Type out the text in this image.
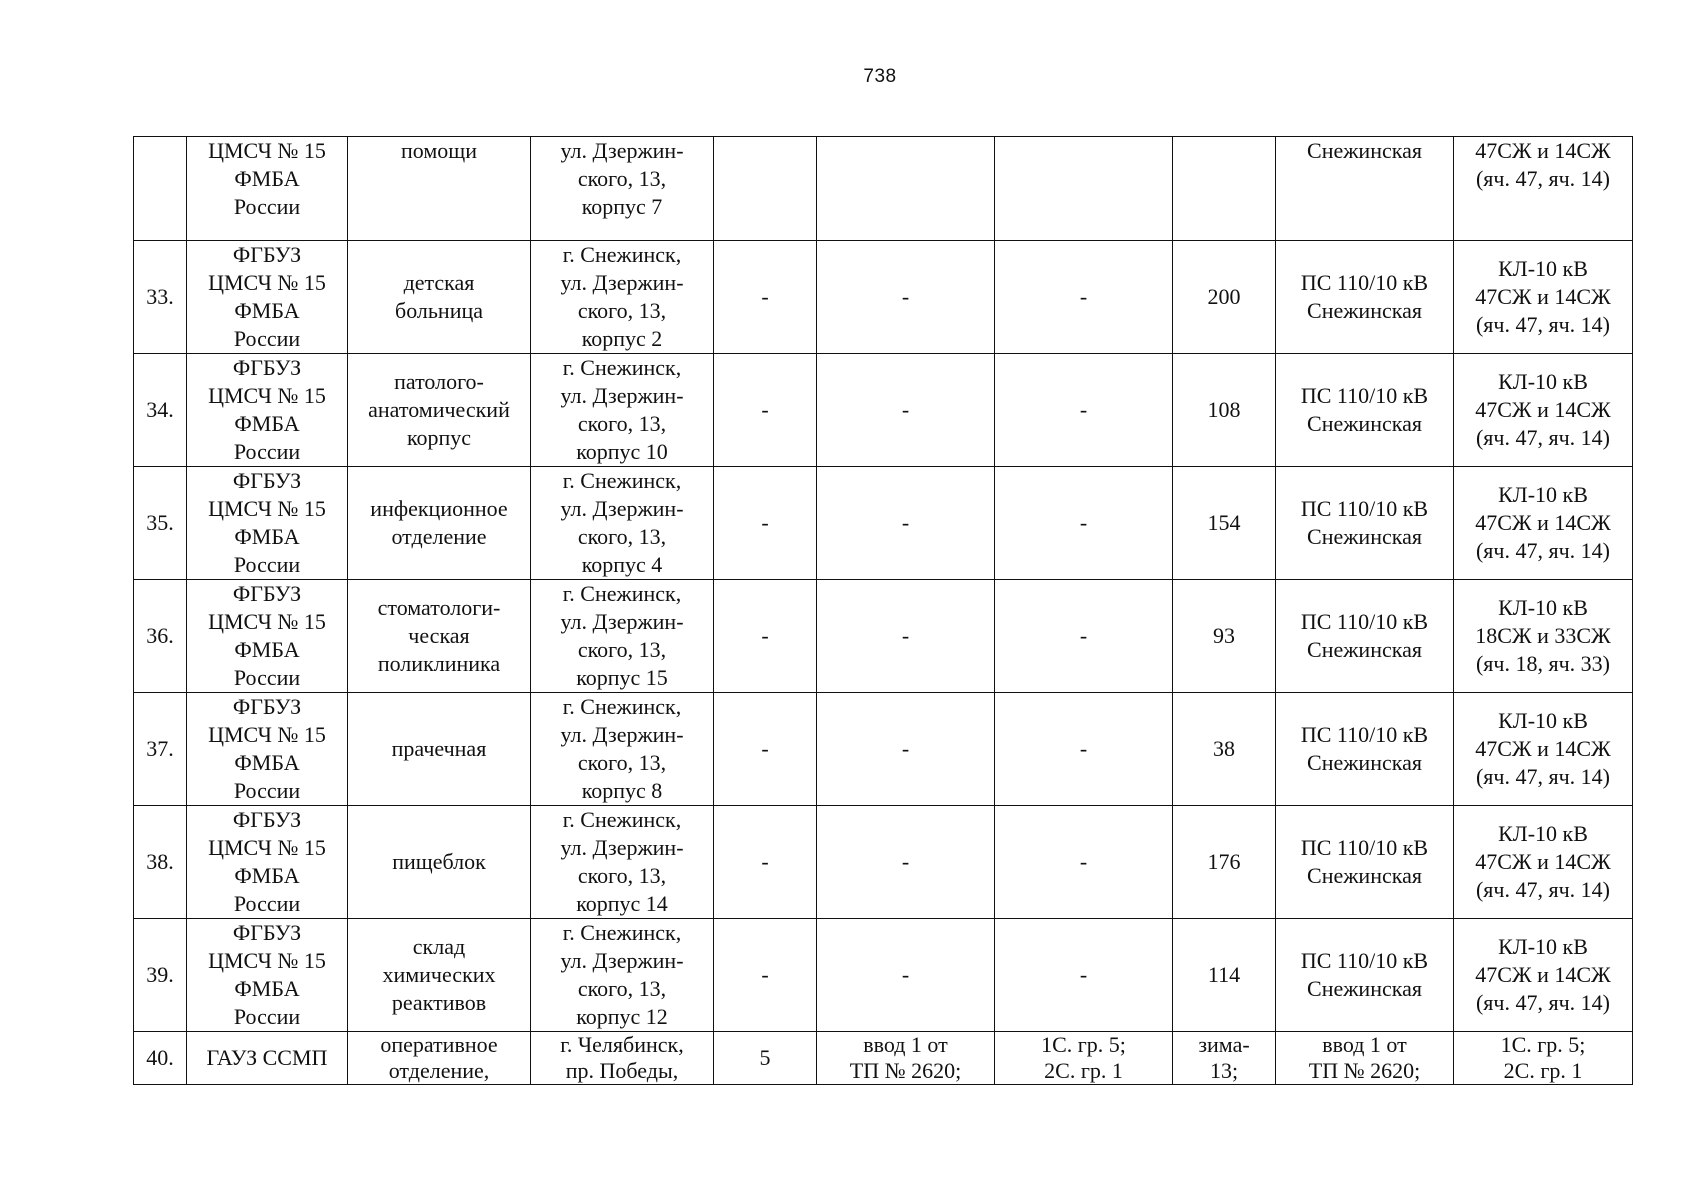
738

	ЦМСЧ № 15
ФМБА
России	помощи	ул. Дзержин-
ского, 13,
корпус 7					Снежинская	47СЖ и 14СЖ
(яч. 47, яч. 14)

33.	ФГБУЗ
ЦМСЧ № 15
ФМБА
России	детская
больница	г. Снежинск,
ул. Дзержин-
ского, 13,
корпус 2	-	-	-	200	ПС 110/10 кВ
Снежинская	КЛ-10 кВ
47СЖ и 14СЖ
(яч. 47, яч. 14)

34.	ФГБУЗ
ЦМСЧ № 15
ФМБА
России	патолого-
анатомический
корпус	г. Снежинск,
ул. Дзержин-
ского, 13,
корпус 10	-	-	-	108	ПС 110/10 кВ
Снежинская	КЛ-10 кВ
47СЖ и 14СЖ
(яч. 47, яч. 14)

35.	ФГБУЗ
ЦМСЧ № 15
ФМБА
России	инфекционное
отделение	г. Снежинск,
ул. Дзержин-
ского, 13,
корпус 4	-	-	-	154	ПС 110/10 кВ
Снежинская	КЛ-10 кВ
47СЖ и 14СЖ
(яч. 47, яч. 14)

36.	ФГБУЗ
ЦМСЧ № 15
ФМБА
России	стоматологи-
ческая
поликлиника	г. Снежинск,
ул. Дзержин-
ского, 13,
корпус 15	-	-	-	93	ПС 110/10 кВ
Снежинская	КЛ-10 кВ
18СЖ и 33СЖ
(яч. 18, яч. 33)

37.	ФГБУЗ
ЦМСЧ № 15
ФМБА
России	прачечная	г. Снежинск,
ул. Дзержин-
ского, 13,
корпус 8	-	-	-	38	ПС 110/10 кВ
Снежинская	КЛ-10 кВ
47СЖ и 14СЖ
(яч. 47, яч. 14)

38.	ФГБУЗ
ЦМСЧ № 15
ФМБА
России	пищеблок	г. Снежинск,
ул. Дзержин-
ского, 13,
корпус 14	-	-	-	176	ПС 110/10 кВ
Снежинская	КЛ-10 кВ
47СЖ и 14СЖ
(яч. 47, яч. 14)

39.	ФГБУЗ
ЦМСЧ № 15
ФМБА
России	склад
химических
реактивов	г. Снежинск,
ул. Дзержин-
ского, 13,
корпус 12	-	-	-	114	ПС 110/10 кВ
Снежинская	КЛ-10 кВ
47СЖ и 14СЖ
(яч. 47, яч. 14)

40.	ГАУЗ ССМП	оперативное
отделение,	г. Челябинск,
пр. Победы,	5	ввод 1 от
ТП № 2620;	1С. гр. 5;
2С. гр. 1	зима-
13;	ввод 1 от
ТП № 2620;	1С. гр. 5;
2С. гр. 1
